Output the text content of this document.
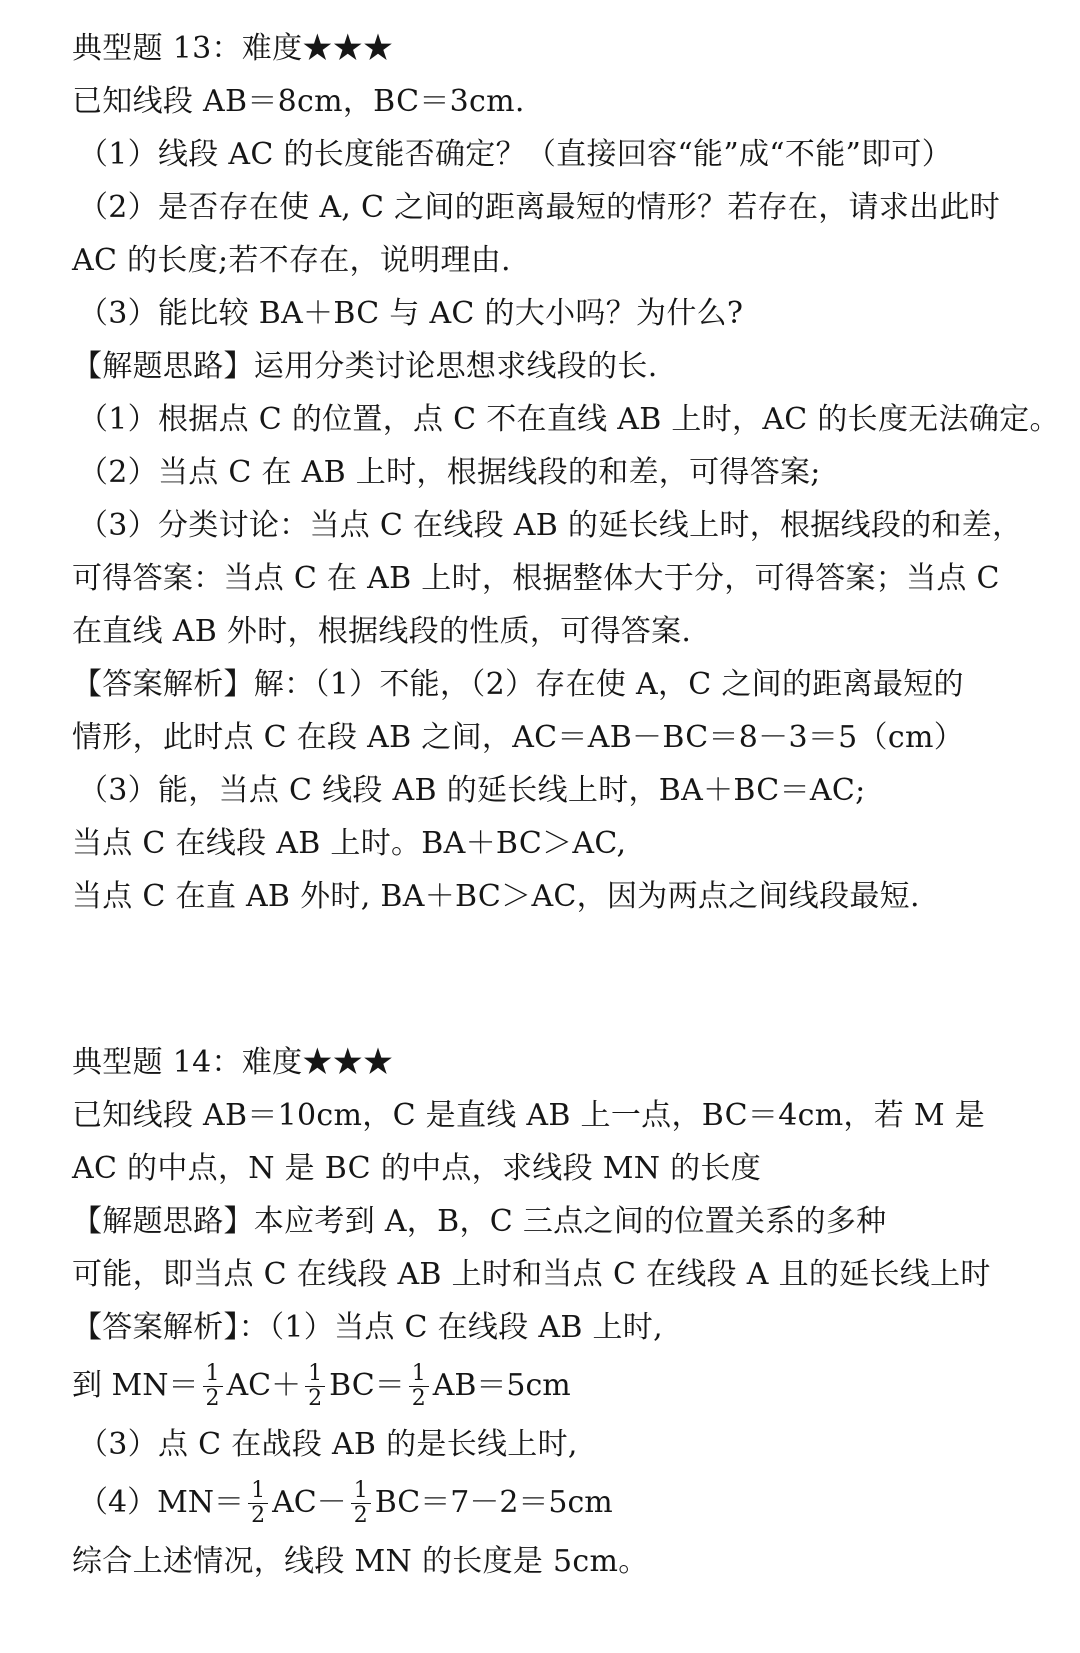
典型题 13：难度★★★
已知线段 AB＝8cm，BC＝3cm.
（1）线段 AC 的长度能否确定？（直接回容“能”成“不能”即可）
（2）是否存在使 A, C 之间的距离最短的情形？若存在，请求出此时
AC 的长度;若不存在，说明理由.
（3）能比较 BA＋BC 与 AC 的大小吗？为什么?
【解题思路】运用分类讨论思想求线段的长.
（1）根据点 C 的位置，点 C 不在直线 AB 上时，AC 的长度无法确定。
（2）当点 C 在 AB 上时，根据线段的和差，可得答案;
（3）分类讨论：当点 C 在线段 AB 的延长线上时，根据线段的和差，
可得答案：当点 C 在 AB 上时，根据整体大于分，可得答案；当点 C
在直线 AB 外时，根据线段的性质，可得答案.
【答案解析】解：（1）不能，（2）存在使 A，C 之间的距离最短的
情形，此时点 C 在段 AB 之间，AC＝AB－BC＝8－3＝5（cm）
（3）能，当点 C 线段 AB 的延长线上时，BA＋BC＝AC;
当点 C 在线段 AB 上时。BA＋BC＞AC,
当点 C 在直 AB 外时, BA＋BC＞AC，因为两点之间线段最短.
典型题 14：难度★★★
已知线段 AB＝10cm，C 是直线 AB 上一点，BC＝4cm，若 M 是
AC 的中点，N 是 BC 的中点，求线段 MN 的长度
【解题思路】本应考到 A，B，C 三点之间的位置关系的多种
可能，即当点 C 在线段 AB 上时和当点 C 在线段 A 且的延长线上时
【答案解析】：（1）当点 C 在线段 AB 上时,
到 $MN= \frac{1}{2} AC+ \frac{1}{2} BC= \frac{1}{2} AB=5cm$
（3）点 C 在战段 AB 的是长线上时,
$(4)MN= \frac{1}{2} AC- \frac{1}{2} BC=7-2=5cm$
综合上述情况，线段 MN 的长度是 5cm。
